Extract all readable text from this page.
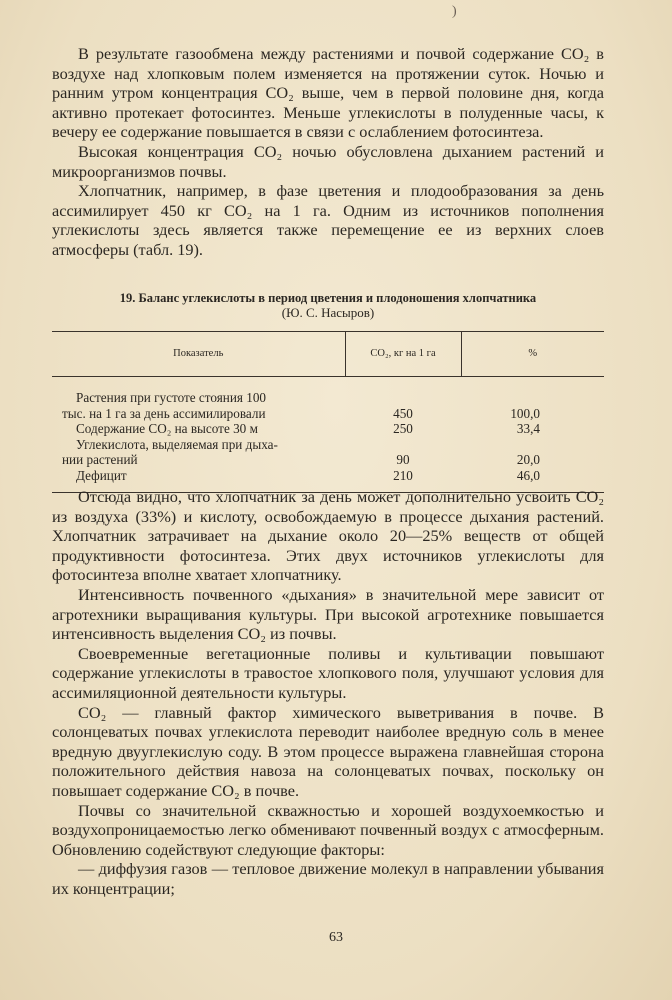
)

В результате газообмена между растениями и почвой содержание CO₂ в воздухе над хлопковым полем изменяется на протяжении суток. Ночью и ранним утром концентрация CO₂ выше, чем в первой половине дня, когда активно протекает фотосинтез. Меньше углекислоты в полуденные часы, к вечеру ее содержание повышается в связи с ослаблением фотосинтеза.

Высокая концентрация CO₂ ночью обусловлена дыханием растений и микроорганизмов почвы.

Хлопчатник, например, в фазе цветения и плодообразования за день ассимилирует 450 кг CO₂ на 1 га. Одним из источников пополнения углекислоты здесь является также перемещение ее из верхних слоев атмосферы (табл. 19).

19. Баланс углекислоты в период цветения и плодоношения хлопчатника
(Ю. С. Насыров)
Показатель	CO₂, кг на 1 га	%

Растения при густоте стояния 100
тыс. на 1 га за день ассимилировали	450	100,0

Содержание CO₂ на высоте 30 м	250	33,4

Углекислота, выделяемая при дыха-
нии растений	90	20,0

Дефицит	210	46,0

Отсюда видно, что хлопчатник за день может дополнительно усвоить CO₂ из воздуха (33%) и кислоту, освобождаемую в процессе дыхания растений. Хлопчатник затрачивает на дыхание около 20—25% веществ от общей продуктивности фотосинтеза. Этих двух источников углекислоты для фотосинтеза вполне хватает хлопчатнику.

Интенсивность почвенного «дыхания» в значительной мере зависит от агротехники выращивания культуры. При высокой агротехнике повышается интенсивность выделения CO₂ из почвы.

Своевременные вегетационные поливы и культивации повышают содержание углекислоты в травостое хлопкового поля, улучшают условия для ассимиляционной деятельности культуры.

CO₂ — главный фактор химического выветривания в почве. В солонцеватых почвах углекислота переводит наиболее вредную соль в менее вредную двууглекислую соду. В этом процессе выражена главнейшая сторона положительного действия навоза на солонцеватых почвах, поскольку он повышает содержание CO₂ в почве.

Почвы со значительной скважностью и хорошей воздухоемкостью и воздухопроницаемостью легко обменивают почвенный воздух с атмосферным. Обновлению содействуют следующие факторы:

— диффузия газов — тепловое движение молекул в направлении убывания их концентрации;

63
